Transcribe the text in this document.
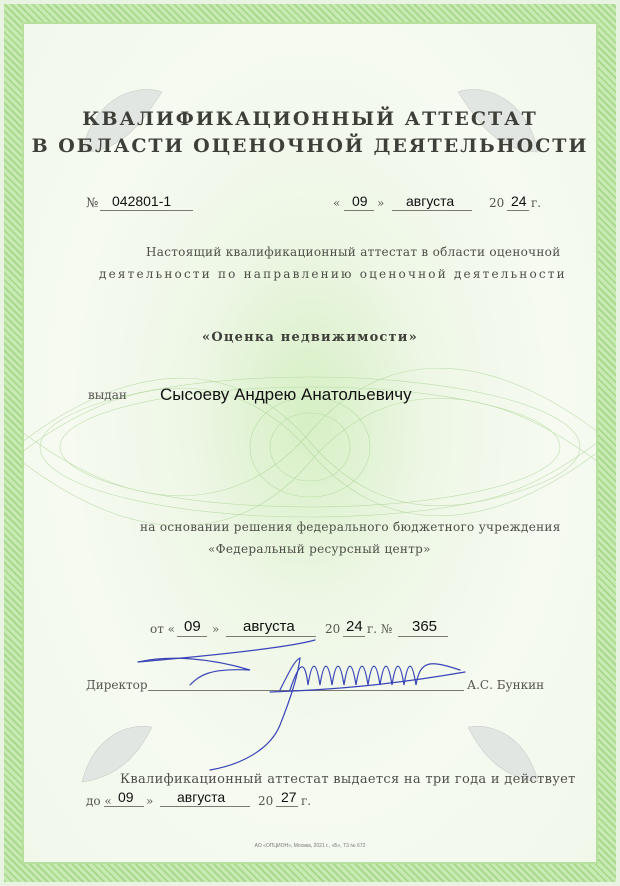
КВАЛИФИКАЦИОННЫЙ АТТЕСТАТ
В ОБЛАСТИ ОЦЕНОЧНОЙ ДЕЯТЕЛЬНОСТИ
№ 042801-1	« 09 » августа	20 24 г.
Настоящий квалификационный аттестат в области оценочной
деятельности по направлению оценочной деятельности
«Оценка недвижимости»
выдан Сысоеву Андрею Анатольевичу
на основании решения федерального бюджетного учреждения
«Федеральный ресурсный центр»
от « 09 » августа	20 24 г. № 365
Директор	А.С. Бункин
Квалификационный аттестат выдается на три года и действует
до « 09 » августа	20 27 г.
АО «ОПЦИОН», Москва, 2021 г., «Б», Т3 № 672
